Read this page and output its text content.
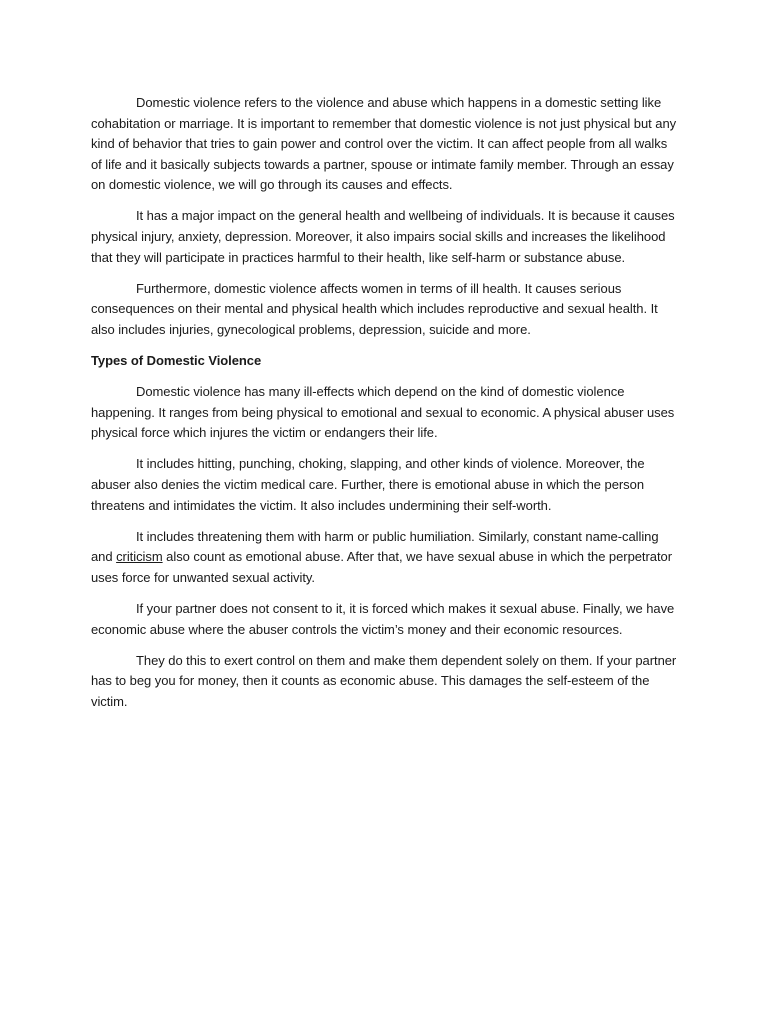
Domestic violence refers to the violence and abuse which happens in a domestic setting like cohabitation or marriage. It is important to remember that domestic violence is not just physical but any kind of behavior that tries to gain power and control over the victim. It can affect people from all walks of life and it basically subjects towards a partner, spouse or intimate family member. Through an essay on domestic violence, we will go through its causes and effects.

It has a major impact on the general health and wellbeing of individuals. It is because it causes physical injury, anxiety, depression. Moreover, it also impairs social skills and increases the likelihood that they will participate in practices harmful to their health, like self-harm or substance abuse.

Furthermore, domestic violence affects women in terms of ill health. It causes serious consequences on their mental and physical health which includes reproductive and sexual health. It also includes injuries, gynecological problems, depression, suicide and more.

Types of Domestic Violence

Domestic violence has many ill-effects which depend on the kind of domestic violence happening. It ranges from being physical to emotional and sexual to economic. A physical abuser uses physical force which injures the victim or endangers their life.

It includes hitting, punching, choking, slapping, and other kinds of violence. Moreover, the abuser also denies the victim medical care. Further, there is emotional abuse in which the person threatens and intimidates the victim. It also includes undermining their self-worth.

It includes threatening them with harm or public humiliation. Similarly, constant name-calling and criticism also count as emotional abuse. After that, we have sexual abuse in which the perpetrator uses force for unwanted sexual activity.

If your partner does not consent to it, it is forced which makes it sexual abuse. Finally, we have economic abuse where the abuser controls the victim’s money and their economic resources.

They do this to exert control on them and make them dependent solely on them. If your partner has to beg you for money, then it counts as economic abuse. This damages the self-esteem of the victim.
